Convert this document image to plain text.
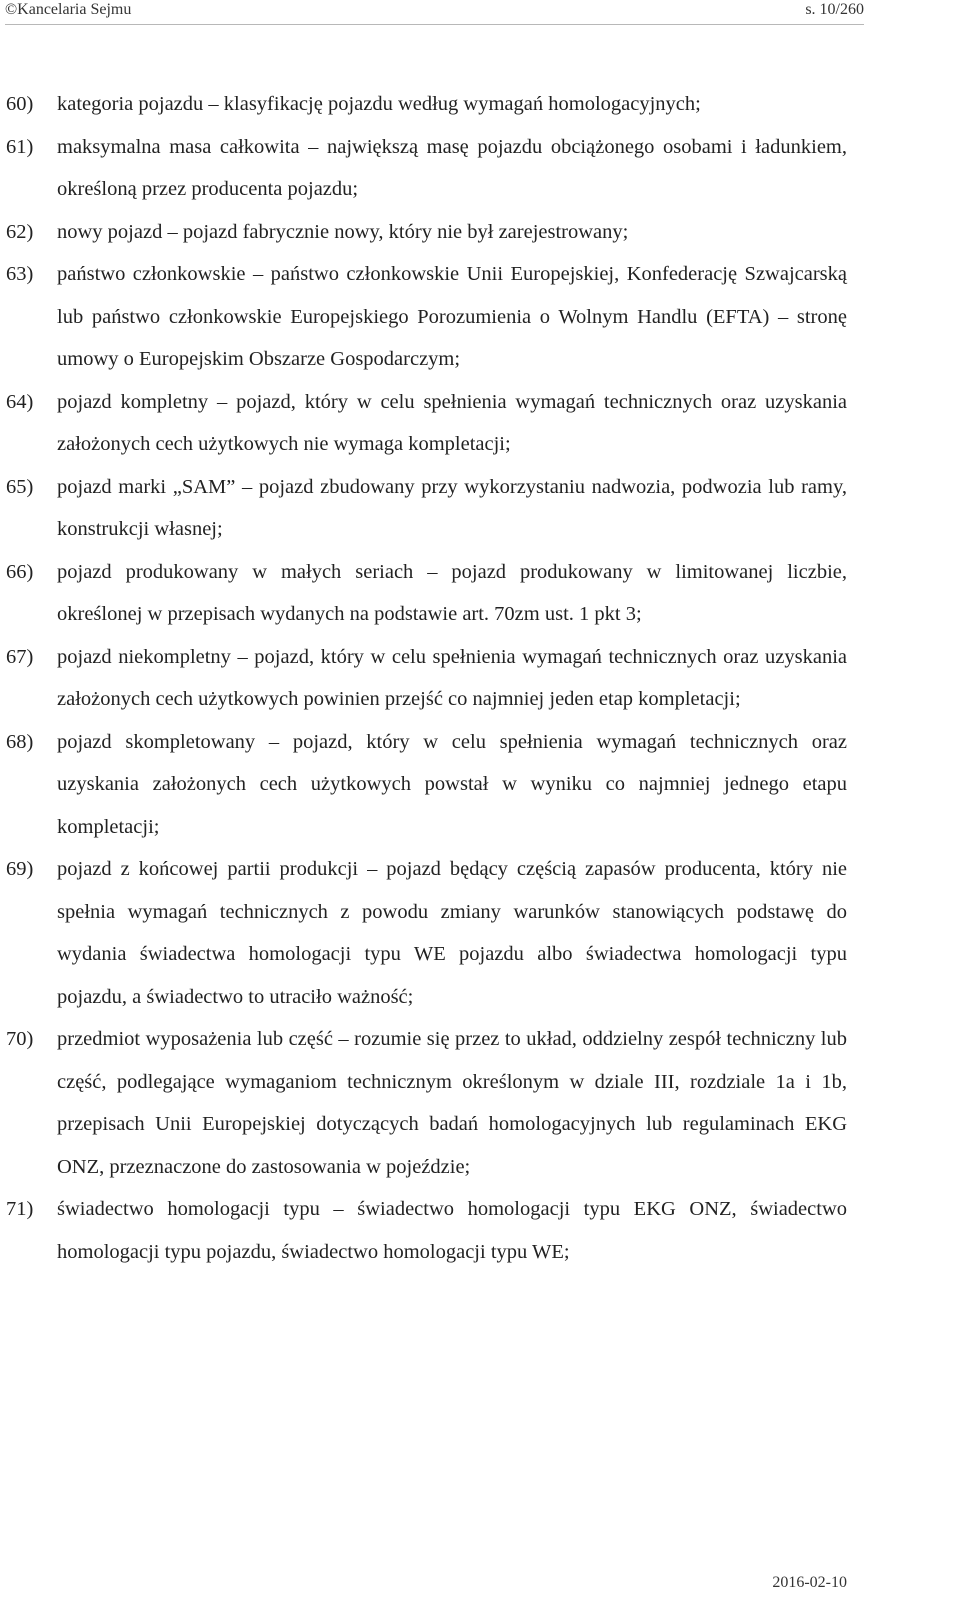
©Kancelaria Sejmu	s. 10/260
60) kategoria pojazdu – klasyfikację pojazdu według wymagań homologacyjnych;
61) maksymalna masa całkowita – największą masę pojazdu obciążonego osobami i ładunkiem, określoną przez producenta pojazdu;
62) nowy pojazd – pojazd fabrycznie nowy, który nie był zarejestrowany;
63) państwo członkowskie – państwo członkowskie Unii Europejskiej, Konfederację Szwajcarską lub państwo członkowskie Europejskiego Porozumienia o Wolnym Handlu (EFTA) – stronę umowy o Europejskim Obszarze Gospodarczym;
64) pojazd kompletny – pojazd, który w celu spełnienia wymagań technicznych oraz uzyskania założonych cech użytkowych nie wymaga kompletacji;
65) pojazd marki „SAM” – pojazd zbudowany przy wykorzystaniu nadwozia, podwozia lub ramy, konstrukcji własnej;
66) pojazd produkowany w małych seriach – pojazd produkowany w limitowanej liczbie, określonej w przepisach wydanych na podstawie art. 70zm ust. 1 pkt 3;
67) pojazd niekompletny – pojazd, który w celu spełnienia wymagań technicznych oraz uzyskania założonych cech użytkowych powinien przejść co najmniej jeden etap kompletacji;
68) pojazd skompletowany – pojazd, który w celu spełnienia wymagań technicznych oraz uzyskania założonych cech użytkowych powstał w wyniku co najmniej jednego etapu kompletacji;
69) pojazd z końcowej partii produkcji – pojazd będący częścią zapasów producenta, który nie spełnia wymagań technicznych z powodu zmiany warunków stanowiących podstawę do wydania świadectwa homologacji typu WE pojazdu albo świadectwa homologacji typu pojazdu, a świadectwo to utraciło ważność;
70) przedmiot wyposażenia lub część – rozumie się przez to układ, oddzielny zespół techniczny lub część, podlegające wymaganiom technicznym określonym w dziale III, rozdziale 1a i 1b, przepisach Unii Europejskiej dotyczących badań homologacyjnych lub regulaminach EKG ONZ, przeznaczone do zastosowania w pojeździe;
71) świadectwo homologacji typu – świadectwo homologacji typu EKG ONZ, świadectwo homologacji typu pojazdu, świadectwo homologacji typu WE;
2016-02-10
